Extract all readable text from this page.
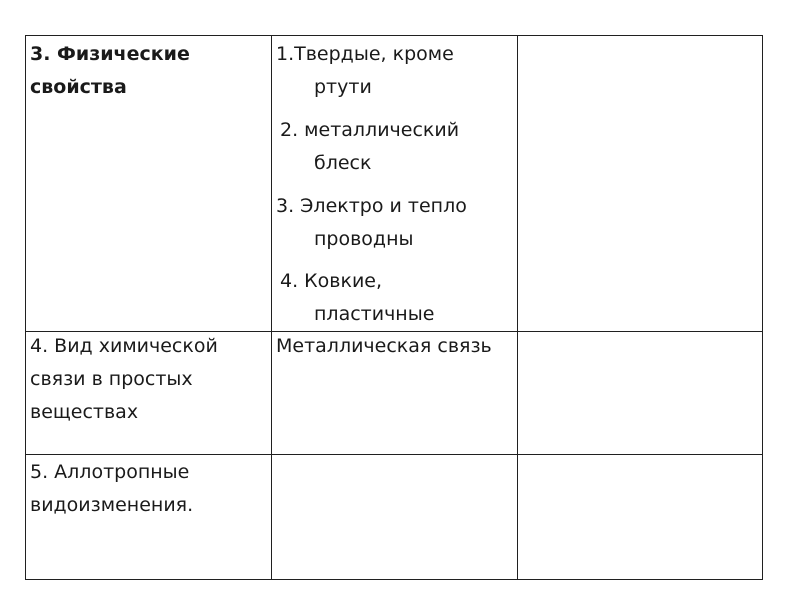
3. Физические
свойства
1.Твердые, кроме
ртути
2. металлический
блеск
3. Электро и тепло
проводны
4. Ковкие,
пластичные
4. Вид химической
связи в простых
веществах
Металлическая связь
5. Аллотропные
видоизменения.
